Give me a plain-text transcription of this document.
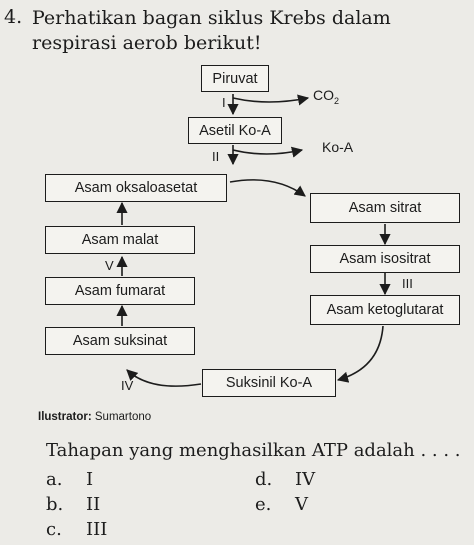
4. Perhatikan bagan siklus Krebs dalam respirasi aerob berikut!
Piruvat
Asetil Ko-A
Asam oksaloasetat
Asam malat
Asam fumarat
Asam suksinat
Asam sitrat
Asam isositrat
Asam ketoglutarat
Suksinil Ko-A
I	$CO_2$
II
Ko-A
III
IV
V
Ilustrator: Sumartono
Tahapan yang menghasilkan ATP adalah . . . .
a. I
b. II
c. III
d. IV
e. V
